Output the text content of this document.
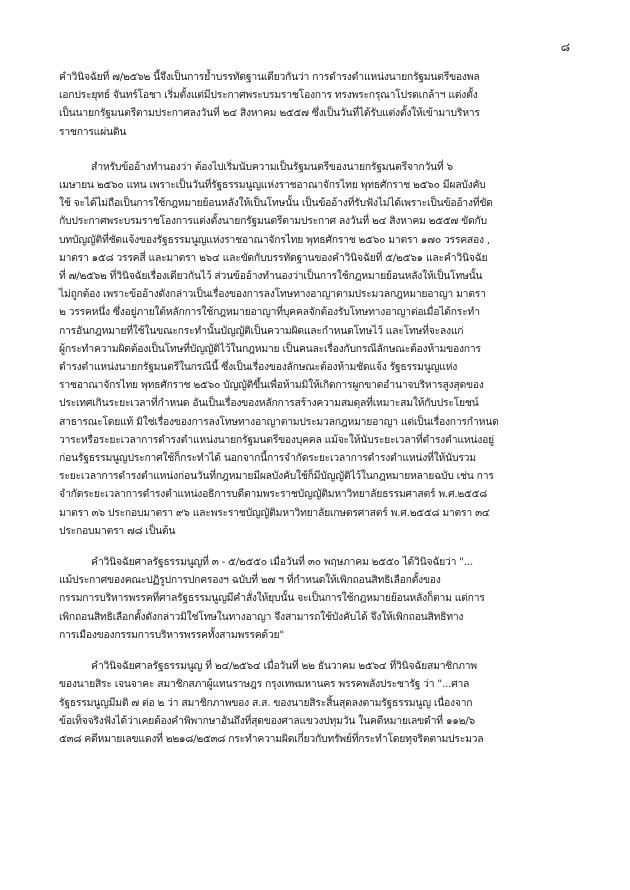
๘
คำวินิจฉัยที่ ๗/๒๕๖๒ นี้จึงเป็นการย้ำบรรทัดฐานเดียวกันว่า การดำรงตำแหน่งนายกรัฐมนตรีของพล
เอกประยุทธ์ จันทร์โอชา เริ่มตั้งแต่มีประกาศพระบรมราชโองการ ทรงพระกรุณาโปรดเกล้าฯ แต่งตั้ง
เป็นนายกรัฐมนตรีตามประกาศลงวันที่ ๒๔ สิงหาคม ๒๕๕๗ ซึ่งเป็นวันที่ได้รับแต่งตั้งให้เข้ามาบริหาร
ราชการแผ่นดิน
สำหรับข้ออ้างทำนองว่า ต้องไปเริ่มนับความเป็นรัฐมนตรีของนายกรัฐมนตรีจากวันที่ ๖
เมษายน ๒๕๖๐ แทน เพราะเป็นวันที่รัฐธรรมนูญแห่งราชอาณาจักรไทย พุทธศักราช ๒๕๖๐ มีผลบังคับ
ใช้ จะได้ไม่ถือเป็นการใช้กฎหมายย้อนหลังให้เป็นโทษนั้น เป็นข้ออ้างที่รับฟังไม่ได้เพราะเป็นข้ออ้างที่ขัด
กับประกาศพระบรมราชโองการแต่งตั้งนายกรัฐมนตรีตามประกาศ ลงวันที่ ๒๔ สิงหาคม ๒๕๕๗ ขัดกับ
บทบัญญัติที่ชัดแจ้งของรัฐธรรมนูญแห่งราชอาณาจักรไทย พุทธศักราช ๒๕๖๐ มาตรา ๑๗๐ วรรคสอง ,
มาตรา ๑๕๘ วรรคสี่ และมาตรา ๒๖๔ และขัดกับบรรทัดฐานของคำวินิจฉัยที่ ๕/๒๕๖๑ และคำวินิจฉัย
ที่ ๗/๒๕๖๒ ที่วินิจฉัยเรื่องเดียวกันไว้ ส่วนข้ออ้างทำนองว่าเป็นการใช้กฎหมายย้อนหลังให้เป็นโทษนั้น
ไม่ถูกต้อง เพราะข้ออ้างดังกล่าวเป็นเรื่องของการลงโทษทางอาญาตามประมวลกฎหมายอาญา มาตรา
๒ วรรคหนึ่ง ซึ่งอยู่ภายใต้หลักการใช้กฎหมายอาญาที่บุคคลจักต้องรับโทษทางอาญาต่อเมื่อได้กระทำ
การอันกฎหมายที่ใช้ในขณะกระทำนั้นบัญญัติเป็นความผิดและกำหนดโทษไว้ และโทษที่จะลงแก่
ผู้กระทำความผิดต้องเป็นโทษที่บัญญัติไว้ในกฎหมาย เป็นคนละเรื่องกับกรณีลักษณะต้องห้ามของการ
ดำรงตำแหน่งนายกรัฐมนตรีในกรณีนี้ ซึ่งเป็นเรื่องของลักษณะต้องห้ามชัดแจ้ง รัฐธรรมนูญแห่ง
ราชอาณาจักรไทย พุทธศักราช ๒๕๖๐ บัญญัติขึ้นเพื่อห้ามมิให้เกิดการผูกขาดอำนาจบริหารสูงสุดของ
ประเทศเกินระยะเวลาที่กำหนด อันเป็นเรื่องของหลักการสร้างความสมดุลที่เหมาะสมให้กับประโยชน์
สาธารณะโดยแท้ มิใช่เรื่องของการลงโทษทางอาญาตามประมวลกฎหมายอาญา แต่เป็นเรื่องการกำหนด
วาระหรือระยะเวลาการดำรงตำแหน่งนายกรัฐมนตรีของบุคคล แม้จะให้นับระยะเวลาที่ดำรงตำแหน่งอยู่
ก่อนรัฐธรรมนูญประกาศใช้ก็กระทำได้ นอกจากนี้การจำกัดระยะเวลาการดำรงตำแหน่งที่ให้นับรวม
ระยะเวลาการดำรงตำแหน่งก่อนวันที่กฎหมายมีผลบังคับใช้ก็มีบัญญัติไว้ในกฎหมายหลายฉบับ เช่น การ
จำกัดระยะเวลาการดำรงตำแหน่งอธิการบดีตามพระราชบัญญัติมหาวิทยาลัยธรรมศาสตร์ พ.ศ.๒๕๕๘
มาตรา ๓๖ ประกอบมาตรา ๙๖ และพระราชบัญญัติมหาวิทยาลัยเกษตรศาสตร์ พ.ศ.๒๕๕๘ มาตรา ๓๔
ประกอบมาตรา ๗๘ เป็นต้น
คำวินิจฉัยศาลรัฐธรรมนูญที่ ๓ - ๕/๒๕๕๐ เมื่อวันที่ ๓๐ พฤษภาคม ๒๕๕๐ ได้วินิจฉัยว่า "...
แม้ประกาศของคณะปฏิรูปการปกครองฯ ฉบับที่ ๒๗ ฯ ที่กำหนดให้เพิกถอนสิทธิเลือกตั้งของ
กรรมการบริหารพรรคที่ศาลรัฐธรรมนูญมีคำสั่งให้ยุบนั้น จะเป็นการใช้กฎหมายย้อนหลังก็ตาม แต่การ
เพิกถอนสิทธิเลือกตั้งดังกล่าวมิใช่โทษในทางอาญา จึงสามารถใช้บังคับได้ จึงให้เพิกถอนสิทธิทาง
การเมืองของกรรมการบริหารพรรคทั้งสามพรรคด้วย"
คำวินิจฉัยศาลรัฐธรรมนูญ ที่ ๒๔/๒๕๖๔ เมื่อวันที่ ๒๒ ธันวาคม ๒๕๖๔ ที่วินิจฉัยสมาชิกภาพ
ของนายสิระ เจนจาคะ สมาชิกสภาผู้แทนราษฎร กรุงเทพมหานคร พรรคพลังประชารัฐ ว่า "...ศาล
รัฐธรรมนูญมีมติ ๗ ต่อ ๒ ว่า สมาชิกภาพของ ส.ส. ของนายสิระสิ้นสุดลงตามรัฐธรรมนูญ เนื่องจาก
ข้อเท็จจริงฟังได้ว่าเคยต้องคำพิพากษาอันถึงที่สุดของศาลแขวงปทุมวัน ในคดีหมายเลขดำที่ ๑๑๒/๖
๕๓๘ คดีหมายเลขแดงที่ ๒๒๑๘/๒๕๓๘ กระทำความผิดเกี่ยวกับทรัพย์ที่กระทำโดยทุจริตตามประมวล
